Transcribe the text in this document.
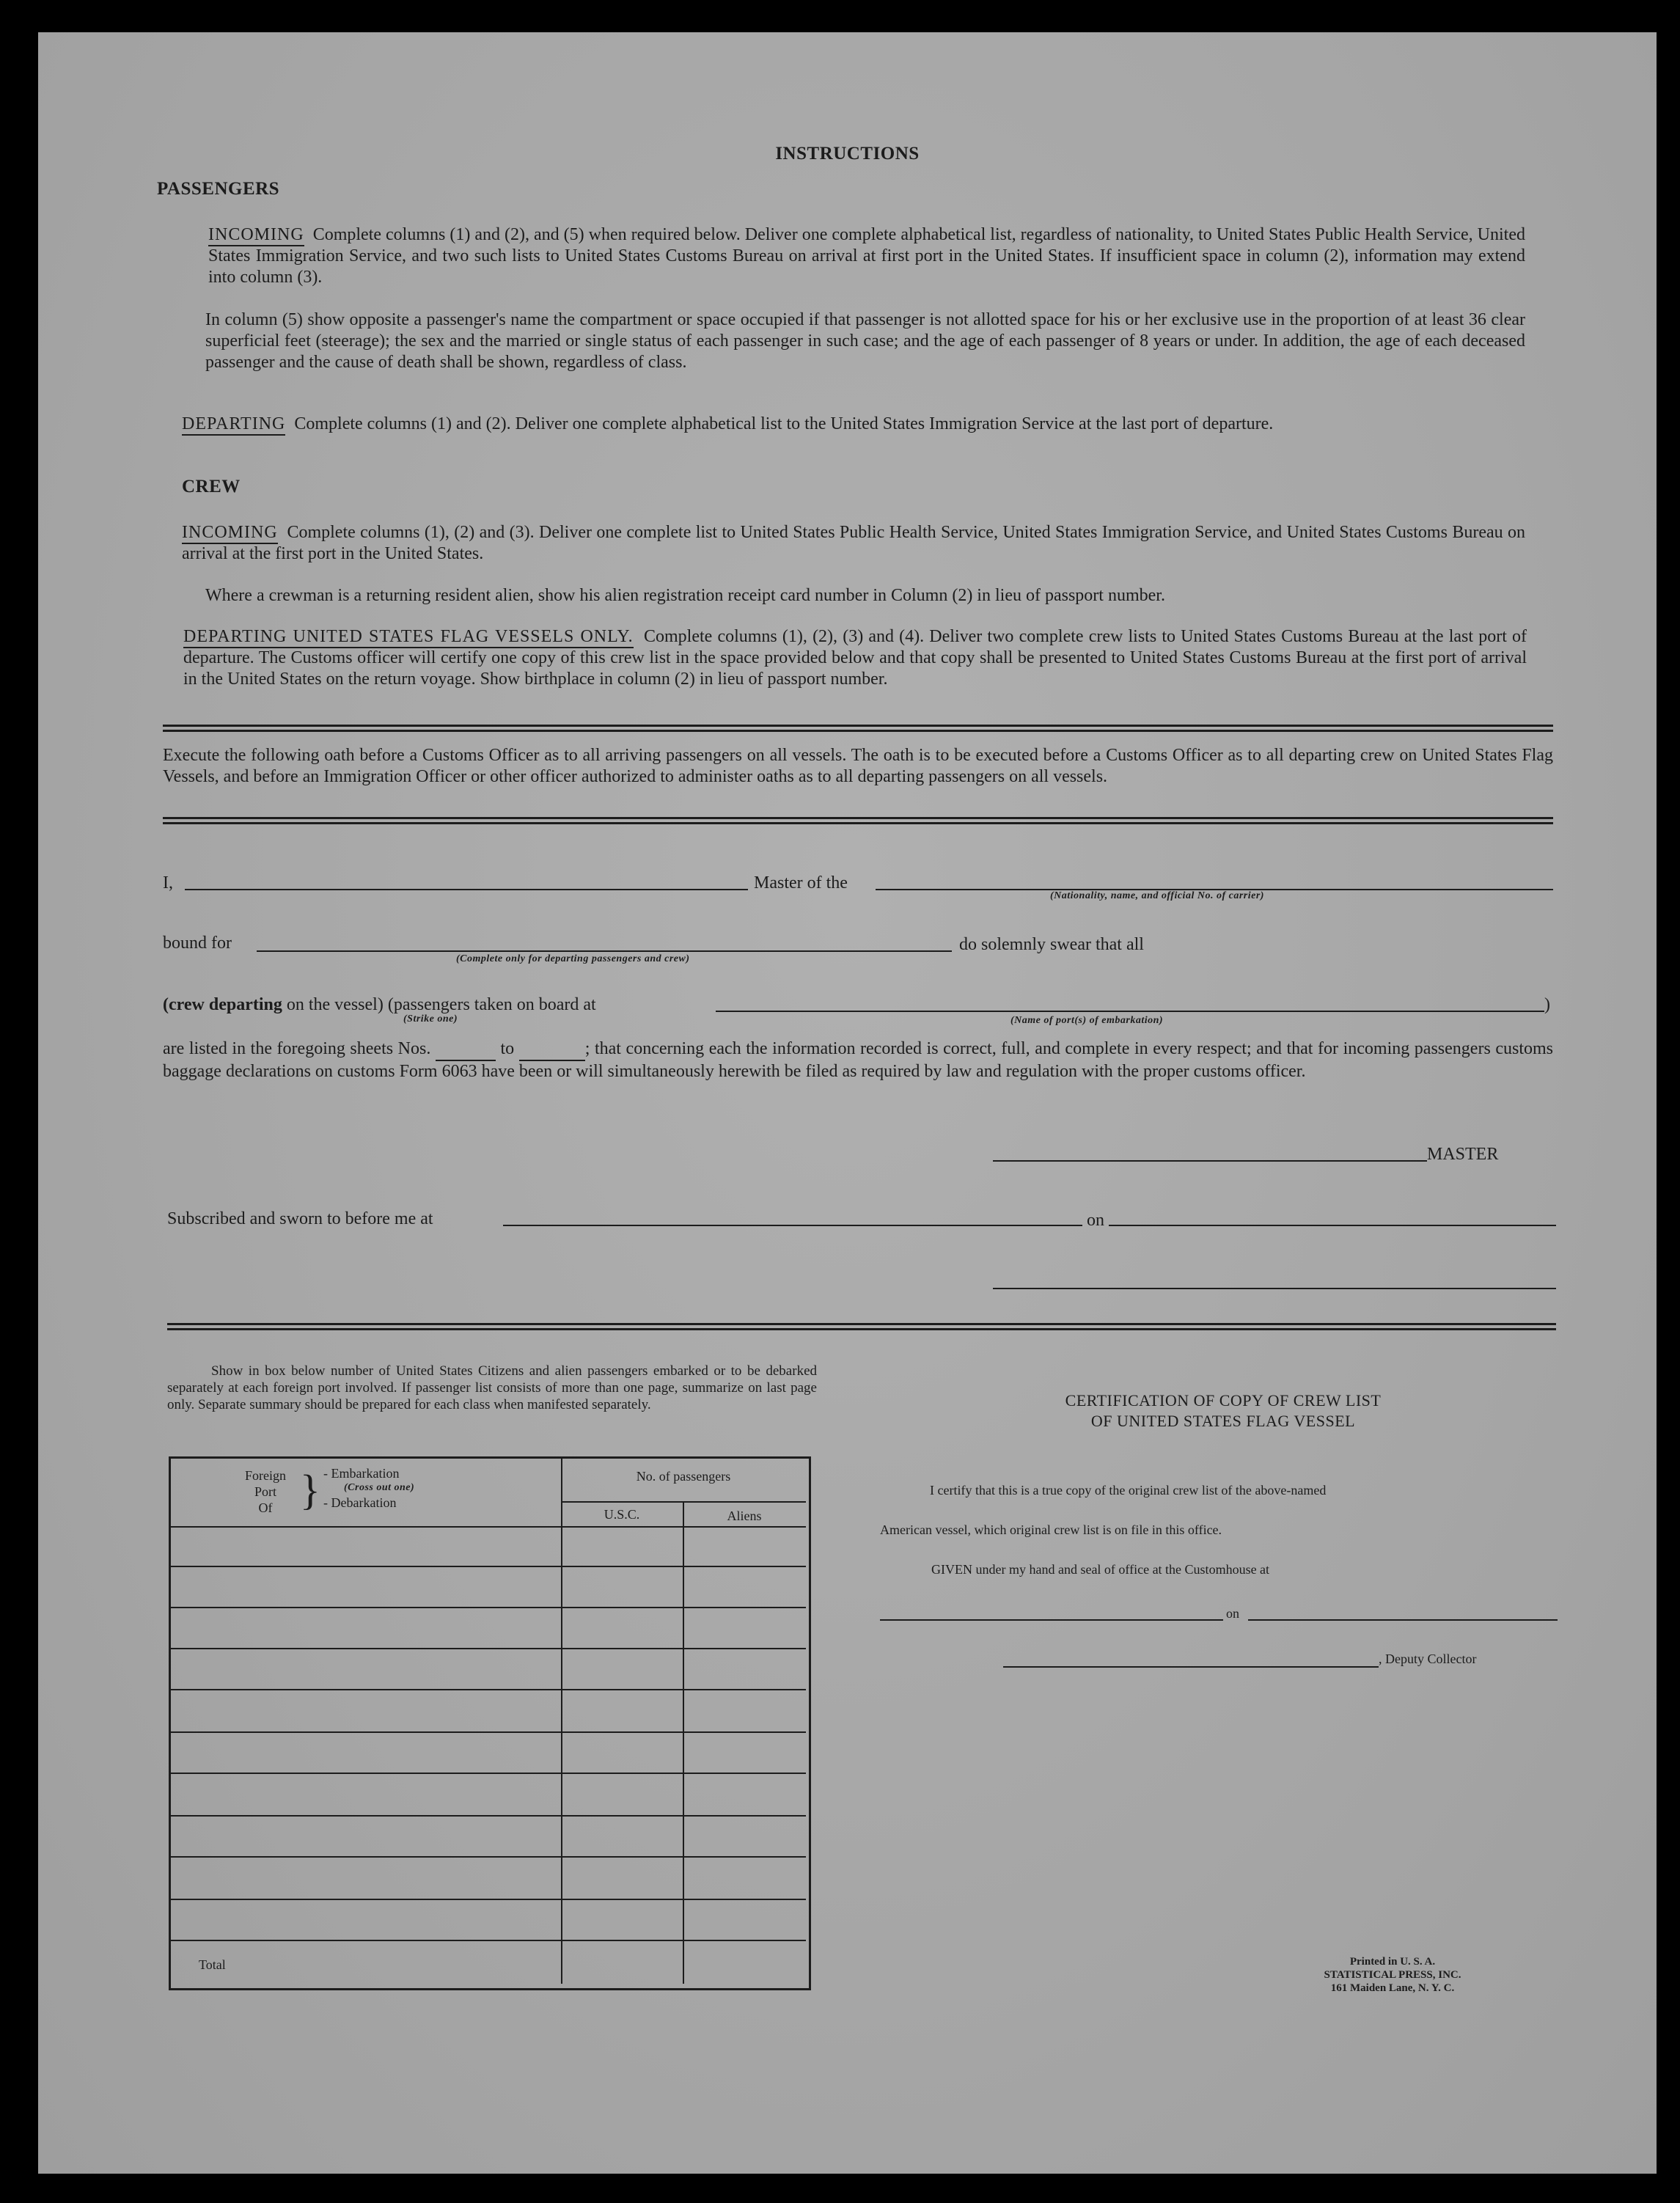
INSTRUCTIONS
PASSENGERS
INCOMING Complete columns (1) and (2), and (5) when required below. Deliver one complete alphabetical list, regardless of nationality, to United States Public Health Service, United States Immigration Service, and two such lists to United States Customs Bureau on arrival at first port in the United States. If insufficient space in column (2), information may extend into column (3).
In column (5) show opposite a passenger's name the compartment or space occupied if that passenger is not allotted space for his or her exclusive use in the proportion of at least 36 clear superficial feet (steerage); the sex and the married or single status of each passenger in such case; and the age of each passenger of 8 years or under. In addition, the age of each deceased passenger and the cause of death shall be shown, regardless of class.
DEPARTING Complete columns (1) and (2). Deliver one complete alphabetical list to the United States Immigration Service at the last port of departure.
CREW
INCOMING Complete columns (1), (2) and (3). Deliver one complete list to United States Public Health Service, United States Immigration Service, and United States Customs Bureau on arrival at the first port in the United States.
Where a crewman is a returning resident alien, show his alien registration receipt card number in Column (2) in lieu of passport number.
DEPARTING UNITED STATES FLAG VESSELS ONLY. Complete columns (1), (2), (3) and (4). Deliver two complete crew lists to United States Customs Bureau at the last port of departure. The Customs officer will certify one copy of this crew list in the space provided below and that copy shall be presented to United States Customs Bureau at the first port of arrival in the United States on the return voyage. Show birthplace in column (2) in lieu of passport number.
Execute the following oath before a Customs Officer as to all arriving passengers on all vessels. The oath is to be executed before a Customs Officer as to all departing crew on United States Flag Vessels, and before an Immigration Officer or other officer authorized to administer oaths as to all departing passengers on all vessels.
I,	Master of the
(Nationality, name, and official No. of carrier)
bound for
(Complete only for departing passengers and crew)
do solemnly swear that all
(crew departing on the vessel) (passengers taken on board at	)
(Strike one)	(Name of port(s) of embarkation)
are listed in the foregoing sheets Nos.	to	; that concerning each the information recorded is correct, full, and complete in every respect; and that for incoming passengers customs baggage declarations on customs Form 6063 have been or will simultaneously herewith be filed as required by law and regulation with the proper customs officer.
MASTER
Subscribed and sworn to before me at	on
Show in box below number of United States Citizens and alien passengers embarked or to be debarked separately at each foreign port involved. If passenger list consists of more than one page, summarize on last page only. Separate summary should be prepared for each class when manifested separately.
Foreign
Port
Of } - Embarkation
(Cross out one)
- Debarkation
No. of passengers
U.S.C.	Aliens
Total
CERTIFICATION OF COPY OF CREW LIST
OF UNITED STATES FLAG VESSEL
I certify that this is a true copy of the original crew list of the above-named
American vessel, which original crew list is on file in this office.
GIVEN under my hand and seal of office at the Customhouse at
on
, Deputy Collector
Printed in U. S. A.
STATISTICAL PRESS, INC.
161 Maiden Lane, N. Y. C.
